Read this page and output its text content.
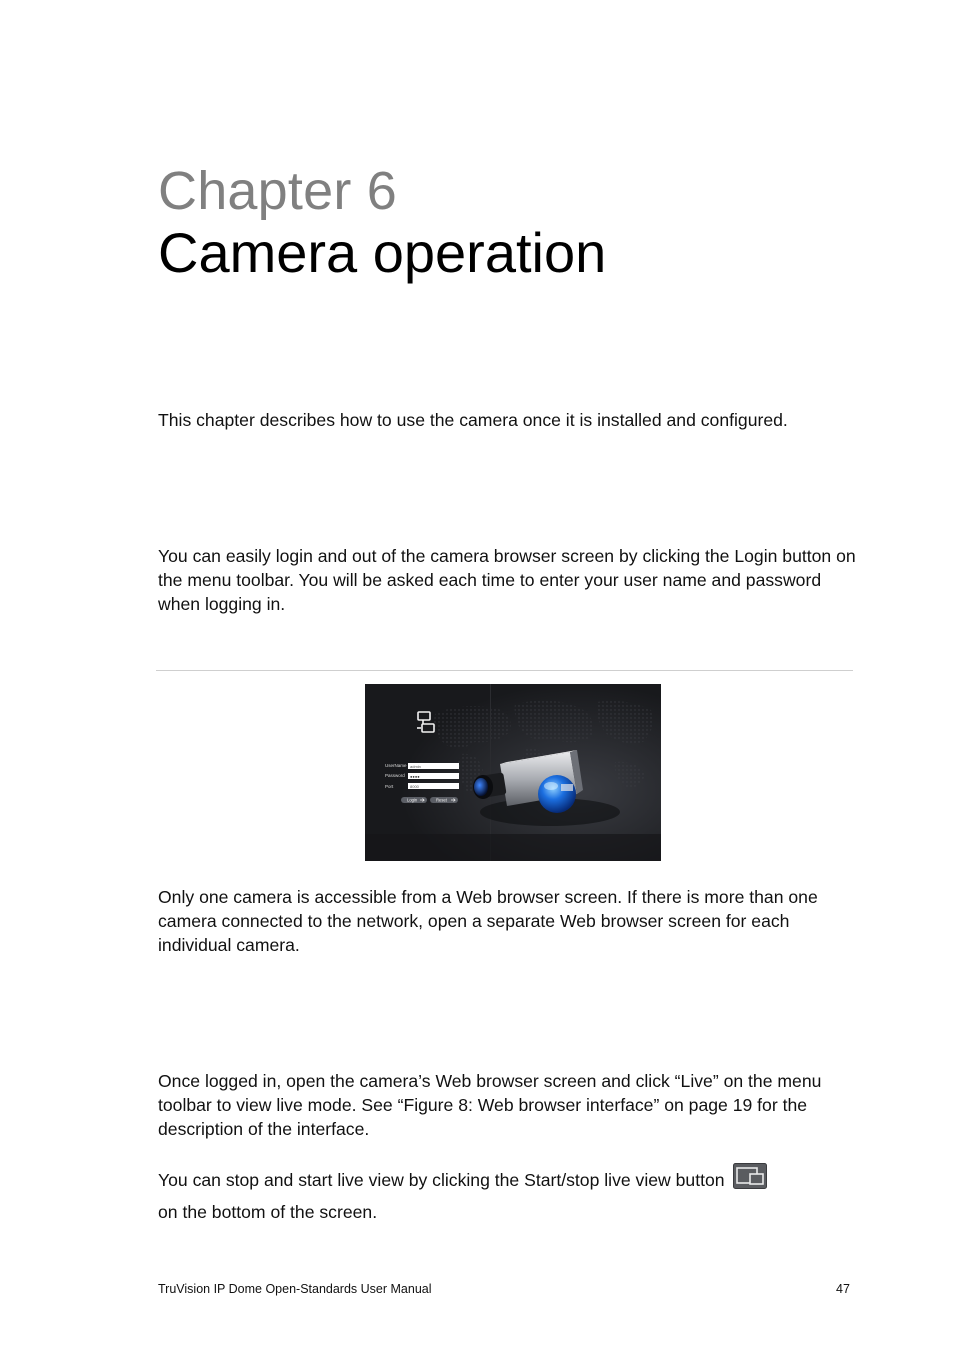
Chapter 6
Camera operation

This chapter describes how to use the camera once it is installed and configured.

You can easily login and out of the camera browser screen by clicking the Login button on the menu toolbar. You will be asked each time to enter your user name and password when logging in.

UserName
Password
Port
admin
●●●●
8000
Login	Reset

Only one camera is accessible from a Web browser screen. If there is more than one camera connected to the network, open a separate Web browser screen for each individual camera.

Once logged in, open the camera’s Web browser screen and click “Live” on the menu toolbar to view live mode. See “Figure 8: Web browser interface” on page 19 for the description of the interface.

You can stop and start live view by clicking the Start/stop live view button

on the bottom of the screen.

TruVision IP Dome Open-Standards User Manual	47
